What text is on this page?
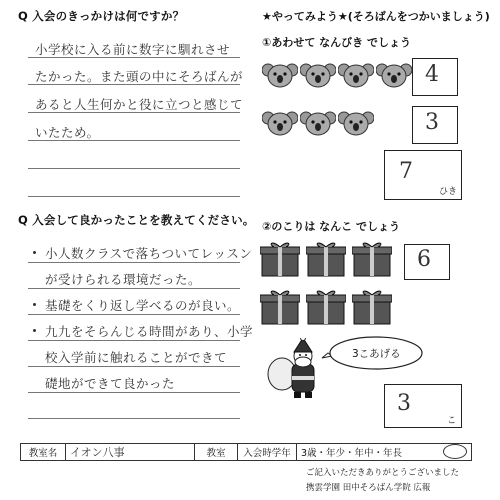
Q 入会のきっかけは何ですか？
小学校に入る前に数字に馴れさせ
たかった。また頭の中にそろばんが
あると人生何かと役に立つと感じて
いたため。
Q 入会して良かったことを教えてください。
小人数クラスで落ちついてレッスン
が受けられる環境だった。
基礎をくり返し学べるのが良い。
九九をそらんじる時間があり、小学
校入学前に触れることができて
礎地ができて良かった
★やってみよう★(そろばんをつかいましょう)
①あわせて なんびき でしょう
4
3
7
ひき
②のこりは なんこ でしょう
6
3こあげる
3
こ
教室名	イオン八事	教室	入会時学年	3歳・年少・年中・年長
ご記入いただきありがとうございました
携雲学園 田中そろばん学院 広報
